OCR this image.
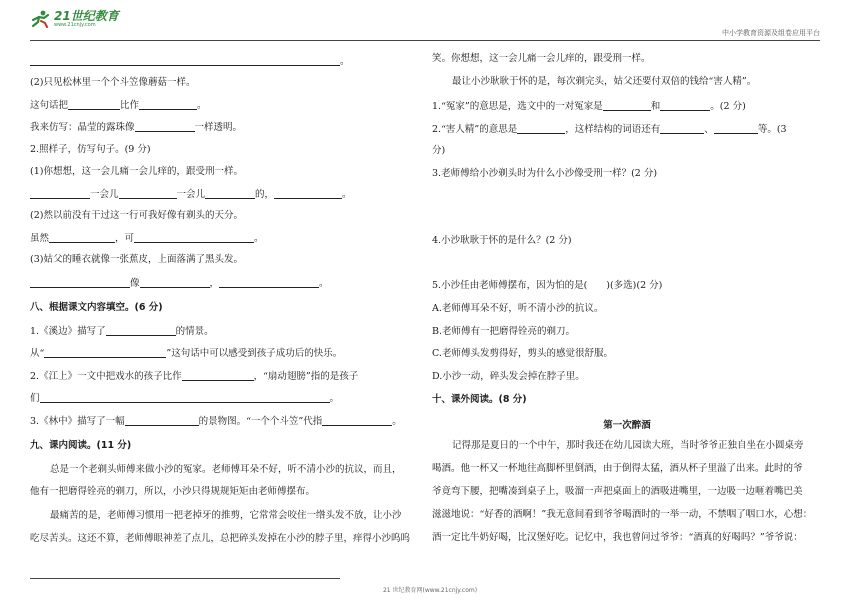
21世纪教育
www.21cnjy.com
中小学教育资源及组卷应用平台
。
(2)只见松林里一个个斗笠像蘑菇一样。
这句话把	比作	。
我来仿写：晶莹的露珠像	一样透明。
2.照样子，仿写句子。(9 分)
(1)你想想，这一会儿痛一会儿痒的，跟受刑一样。
一会儿	一会儿	的，	。
(2)然以前没有干过这一行可我好像有剃头的天分。
虽然	，可	。
(3)姑父的睡衣就像一张蕉皮，上面落满了黑头发。
像	，	。
八、根据课文内容填空。(6 分)
1.《溪边》描写了	的情景。
从“	”这句话中可以感受到孩子成功后的快乐。
2.《江上》一文中把戏水的孩子比作	，“扇动翅膀”指的是孩子
们	。
3.《林中》描写了一幅	的景物图。“一个个斗笠”代指	。
九、课内阅读。(11 分)
总是一个老剃头师傅来做小沙的冤家。老师傅耳朵不好，听不清小沙的抗议，而且，
他有一把磨得铨亮的剃刀，所以，小沙只得规规矩矩由老师傅摆布。
最痛苦的是，老师傅习惯用一把老掉牙的推剪，它常常会咬住一绺头发不放，让小沙
吃尽苦头。这还不算，老师傅眼神差了点儿，总把碎头发掉在小沙的脖子里，痒得小沙呜呜
笑。你想想，这一会儿痛一会儿痒的，跟受刑一样。
最让小沙耿耿于怀的是，每次剃完头，姑父还要付双倍的钱给“害人精”。
1.“冤家”的意思是，选文中的一对冤家是	和	。(2 分)
2.“害人精”的意思是	，这样结构的词语还有	、	等。(3
分)
3.老师傅给小沙剃头时为什么小沙像受刑一样？(2 分)
4.小沙耿耿于怀的是什么？(2 分)
5.小沙任由老师傅摆布，因为怕的是(　　)(多选)(2 分)
A.老师傅耳朵不好，听不清小沙的抗议。
B.老师傅有一把磨得铨亮的剃刀。
C.老师傅头发剪得好，剪头的感觉很舒服。
D.小沙一动，碎头发会掉在脖子里。
十、课外阅读。(8 分)
第一次醉酒
记得那是夏日的一个中午，那时我还在幼儿园读大班，当时爷爷正独自坐在小圆桌旁
喝酒。他一杯又一杯地往高脚杯里倒酒，由于倒得太猛，酒从杯子里溢了出来。此时的爷
爷竟弯下腰，把嘴凑到桌子上，吸溜一声把桌面上的酒吸进嘴里，一边吸一边咂着嘴巴美
滋滋地说：“好香的酒啊！”我无意间看到爷爷喝酒时的一举一动，不禁咽了咽口水，心想：
酒一定比牛奶好喝，比汉堡好吃。记忆中，我也曾问过爷爷：“酒真的好喝吗？”爷爷说：
21 世纪教育网(www.21cnjy.com)
